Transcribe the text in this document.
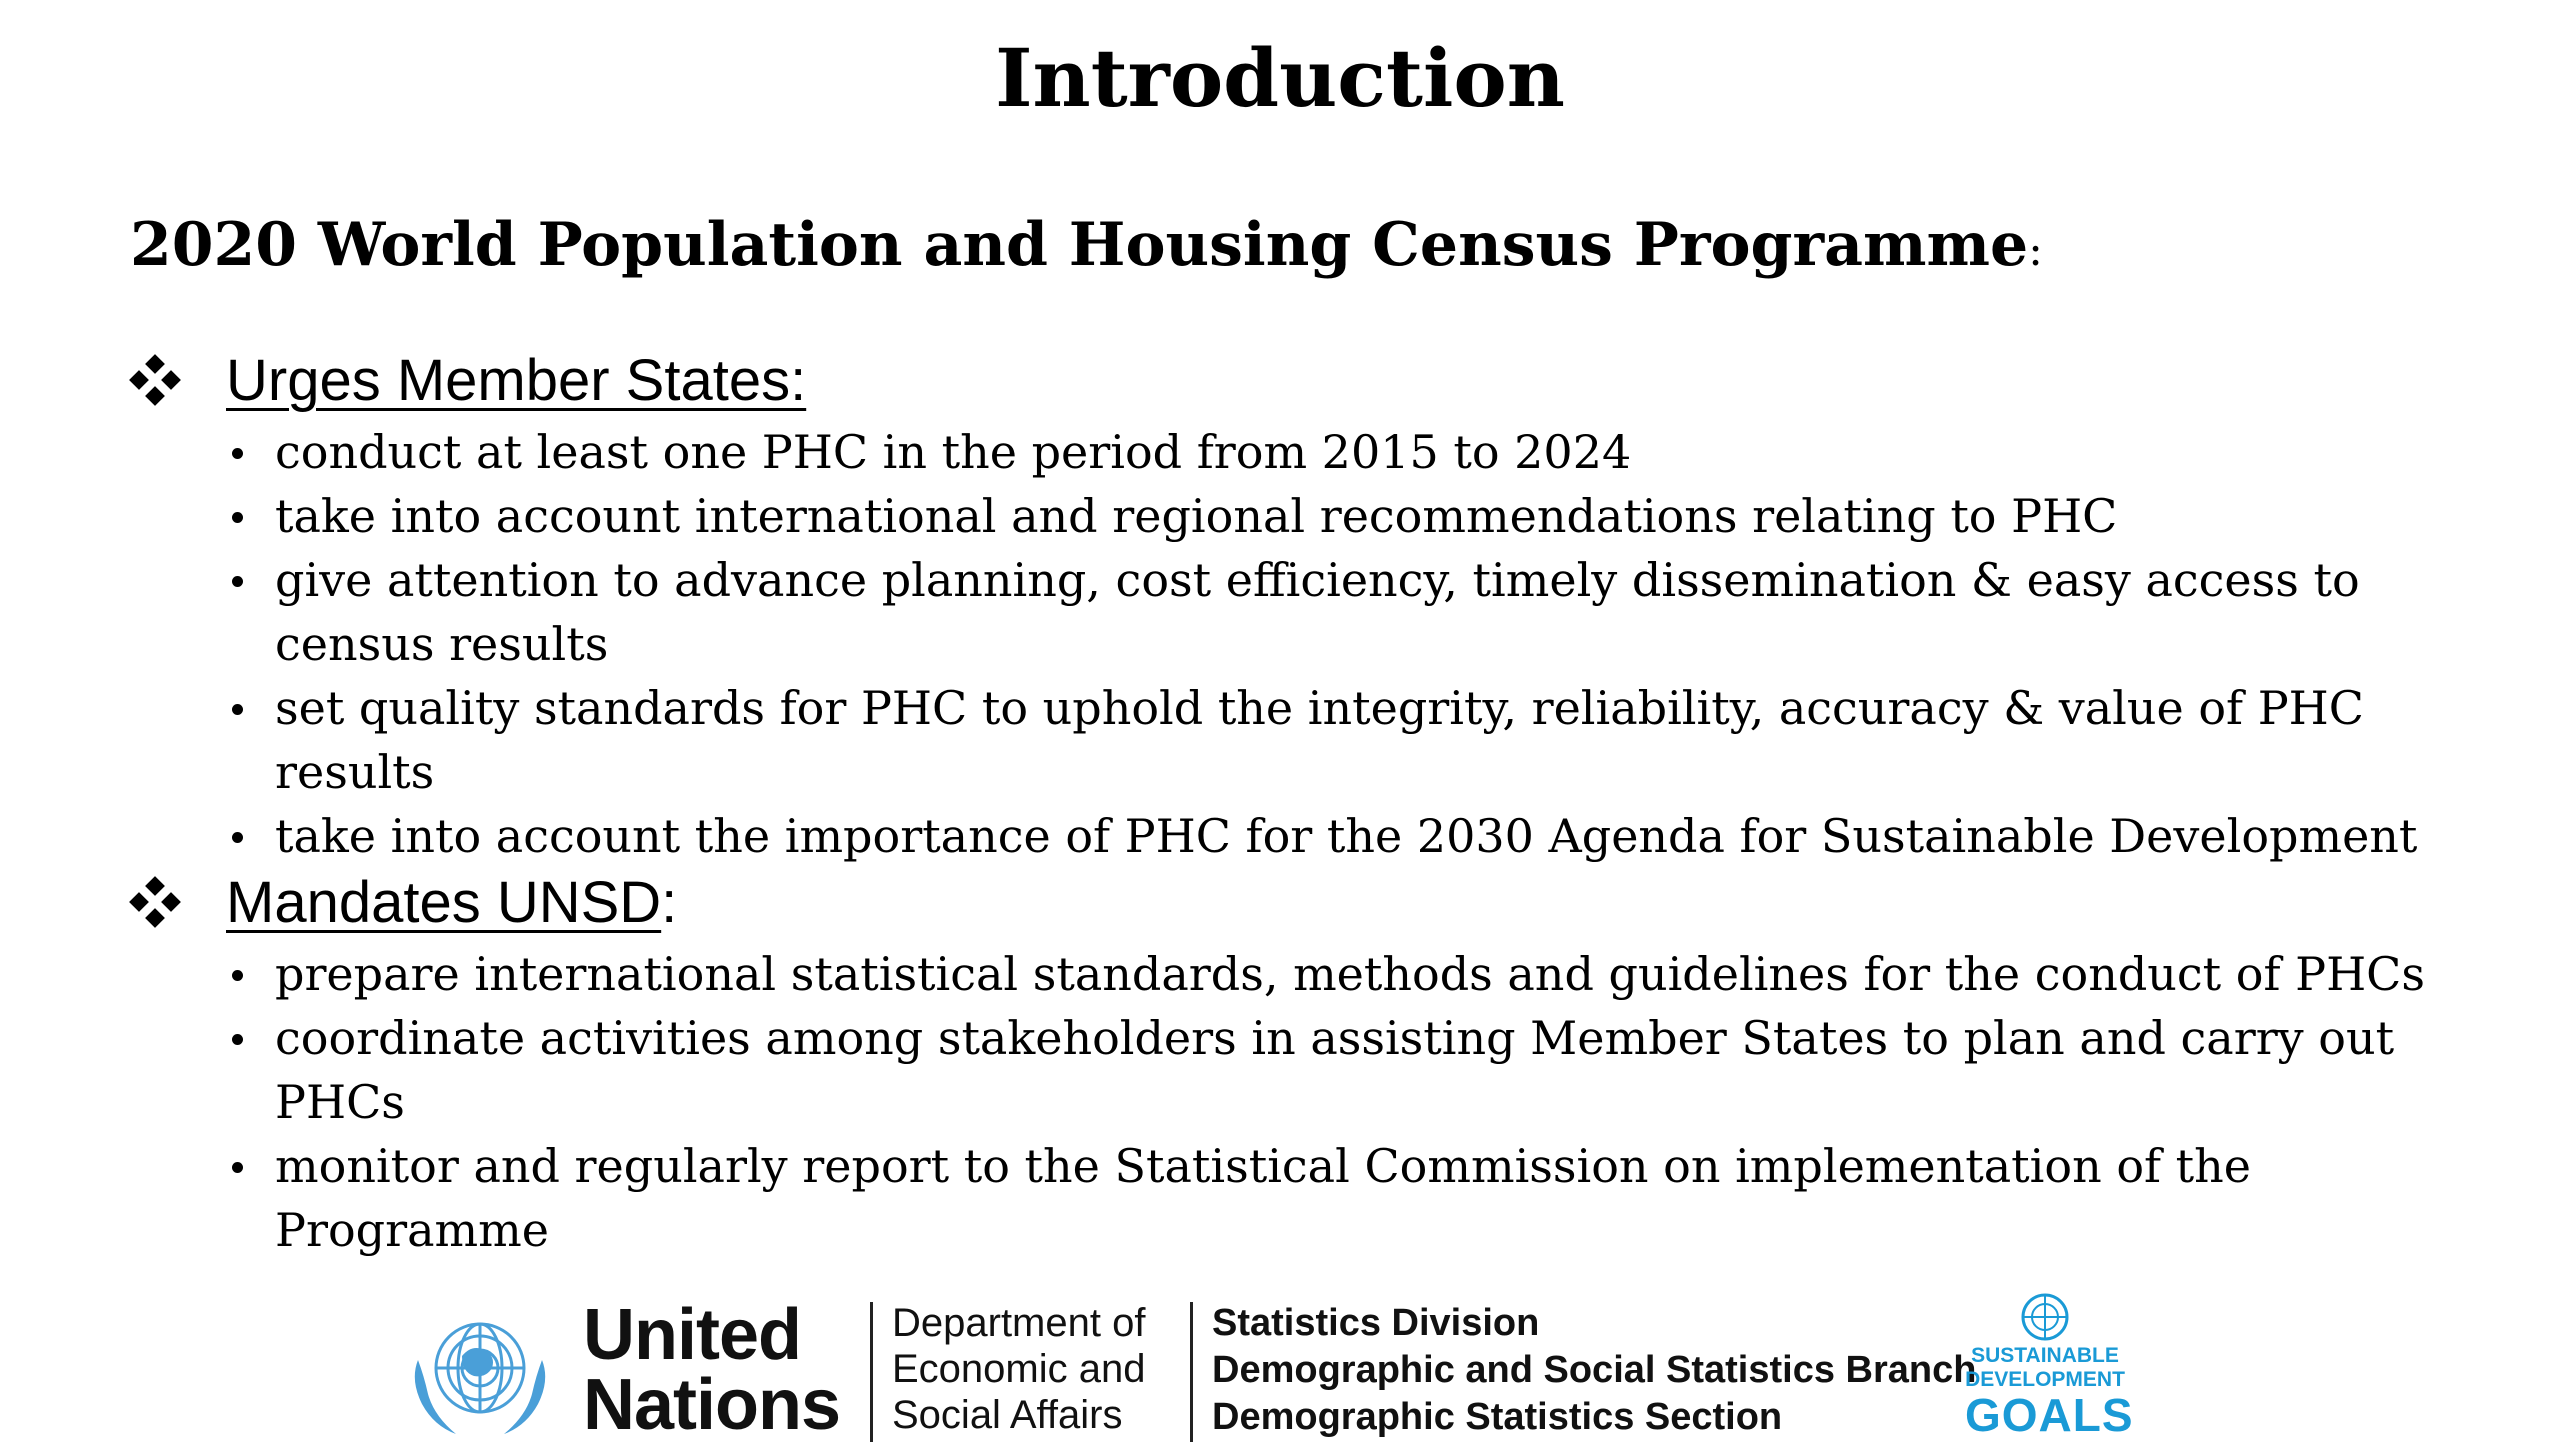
Introduction
2020 World Population and Housing Census Programme:
Urges Member States:
conduct at least one PHC in the period from 2015 to 2024
take into account international and regional recommendations relating to PHC
give attention to advance planning, cost efficiency, timely dissemination & easy access to census results
set quality standards for PHC to uphold the integrity, reliability, accuracy & value of PHC results
take into account the importance of PHC for the 2030 Agenda for Sustainable Development
Mandates UNSD :
prepare international statistical standards, methods and guidelines for the conduct of PHCs
coordinate activities among stakeholders in assisting Member States to plan and carry out PHCs
monitor and regularly report to the Statistical Commission on implementation of the Programme
United
Nations
Department of
Economic and
Social Affairs
Statistics Division
Demographic and Social Statistics Branch
Demographic Statistics Section
SUSTAINABLE
DEVELOPMENT
GOALS
